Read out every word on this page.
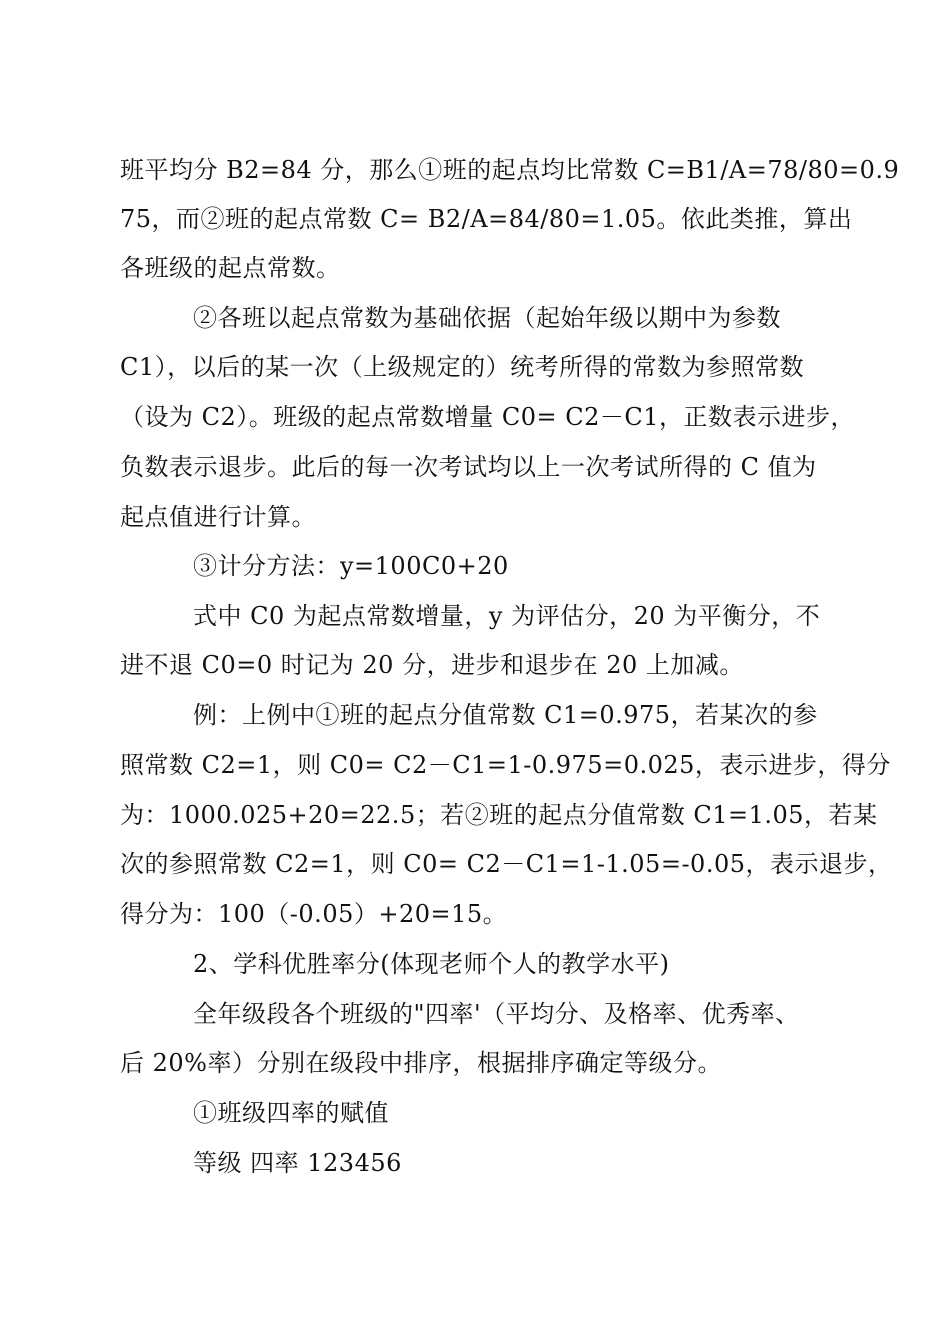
班平均分 B2=84 分，那么①班的起点均比常数 C=B1/A=78/80=0.9
75，而②班的起点常数 C= B2/A=84/80=1.05。依此类推，算出
各班级的起点常数。
②各班以起点常数为基础依据（起始年级以期中为参数
C1），以后的某一次（上级规定的）统考所得的常数为参照常数
（设为 C2）。班级的起点常数增量 C0= C2－C1，正数表示进步，
负数表示退步。此后的每一次考试均以上一次考试所得的 C 值为
起点值进行计算。
③计分方法：y=100C0+20
式中 C0 为起点常数增量，y 为评估分，20 为平衡分，不
进不退 C0=0 时记为 20 分，进步和退步在 20 上加减。
例：上例中①班的起点分值常数 C1=0.975，若某次的参
照常数 C2=1，则 C0= C2－C1=1-0.975=0.025，表示进步，得分
为：1000.025+20=22.5；若②班的起点分值常数 C1=1.05，若某
次的参照常数 C2=1，则 C0= C2－C1=1-1.05=-0.05，表示退步，
得分为：100（-0.05）+20=15。
2、学科优胜率分(体现老师个人的教学水平)
全年级段各个班级的"四率'（平均分、及格率、优秀率、
后 20%率）分别在级段中排序，根据排序确定等级分。
①班级四率的赋值
等级 四率 123456
